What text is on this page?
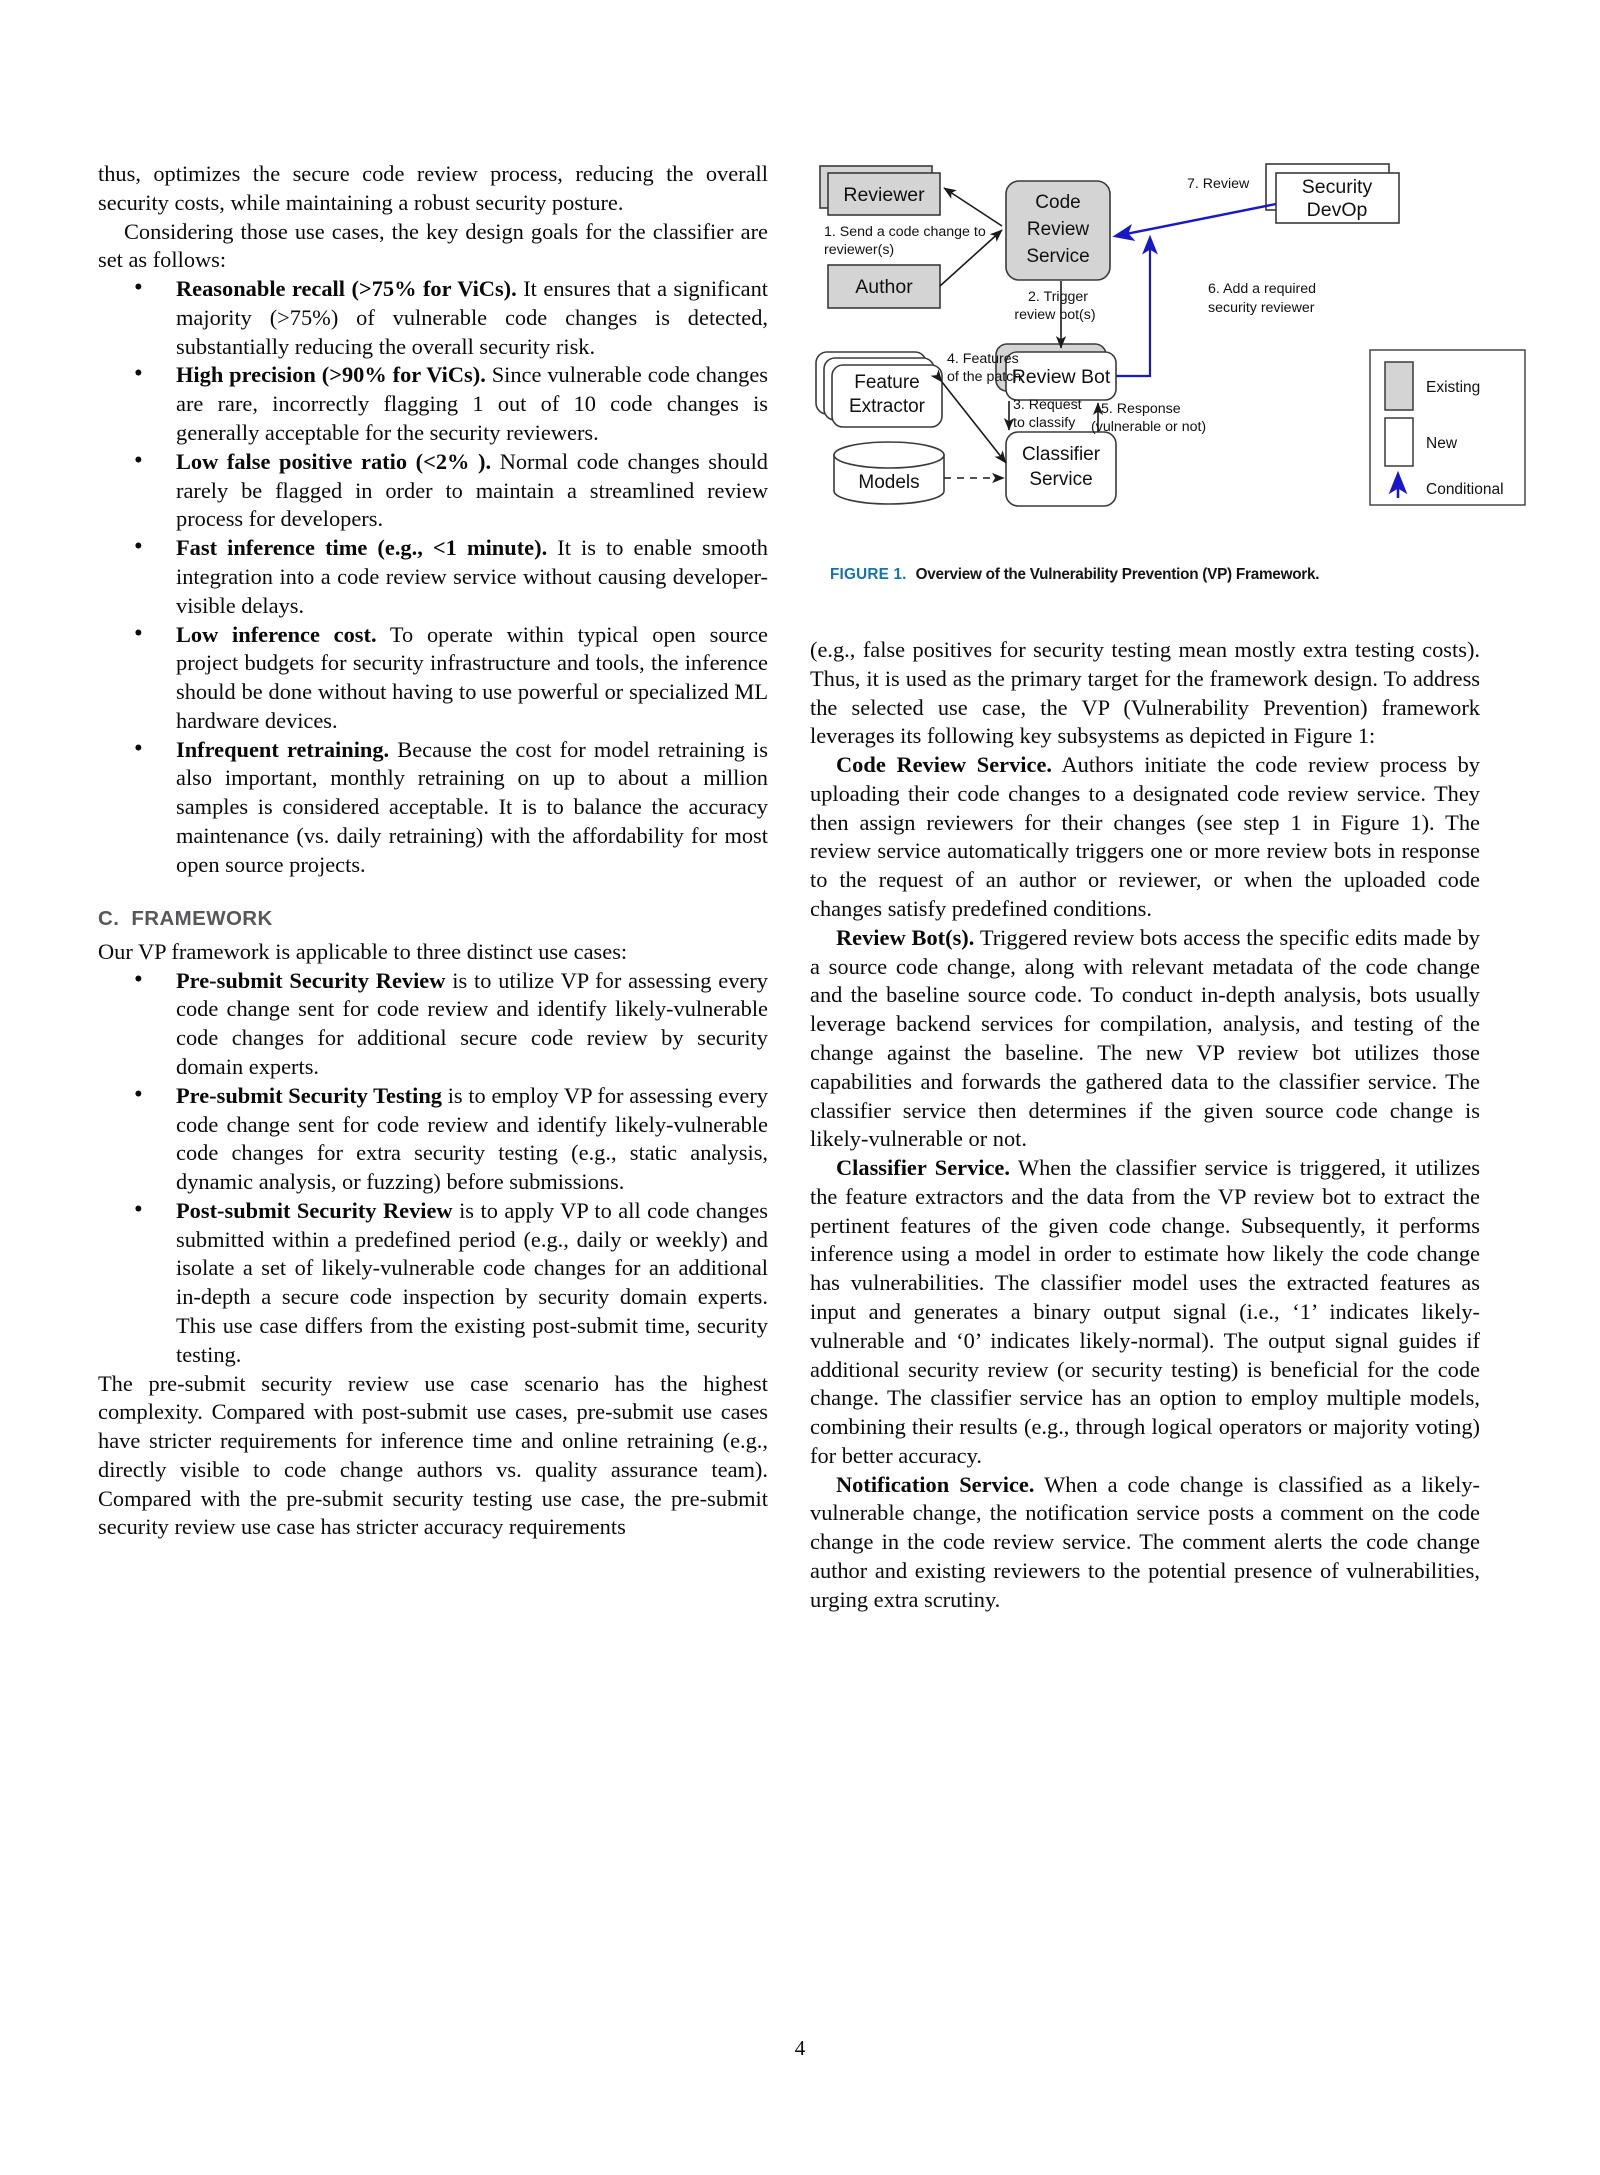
thus, optimizes the secure code review process, reducing the overall security costs, while maintaining a robust security posture.

Considering those use cases, the key design goals for the classifier are set as follows:

• Reasonable recall (>75% for ViCs). It ensures that a significant majority (>75%) of vulnerable code changes is detected, substantially reducing the overall security risk.
• High precision (>90% for ViCs). Since vulnerable code changes are rare, incorrectly flagging 1 out of 10 code changes is generally acceptable for the security reviewers.
• Low false positive ratio (<2% ). Normal code changes should rarely be flagged in order to maintain a streamlined review process for developers.
• Fast inference time (e.g., <1 minute). It is to enable smooth integration into a code review service without causing developer-visible delays.
• Low inference cost. To operate within typical open source project budgets for security infrastructure and tools, the inference should be done without having to use powerful or specialized ML hardware devices.
• Infrequent retraining. Because the cost for model retraining is also important, monthly retraining on up to about a million samples is considered acceptable. It is to balance the accuracy maintenance (vs. daily retraining) with the affordability for most open source projects.
C. FRAMEWORK

Our VP framework is applicable to three distinct use cases:

• Pre-submit Security Review is to utilize VP for assessing every code change sent for code review and identify likely-vulnerable code changes for additional secure code review by security domain experts.
• Pre-submit Security Testing is to employ VP for assessing every code change sent for code review and identify likely-vulnerable code changes for extra security testing (e.g., static analysis, dynamic analysis, or fuzzing) before submissions.
• Post-submit Security Review is to apply VP to all code changes submitted within a predefined period (e.g., daily or weekly) and isolate a set of likely-vulnerable code changes for an additional in-depth a secure code inspection by security domain experts. This use case differs from the existing post-submit time, security testing.

The pre-submit security review use case scenario has the highest complexity. Compared with post-submit use cases, pre-submit use cases have stricter requirements for inference time and online retraining (e.g., directly visible to code change authors vs. quality assurance team). Compared with the pre-submit security testing use case, the pre-submit security review use case has stricter accuracy requirements

Reviewer
1. Send a code change to
reviewer(s)
Author
Code
Review
Service
Security
DevOp
7. Review
2. Trigger
review bot(s)
6. Add a required
security reviewer
Review Bot
Feature
Extractor
4. Features
of the patch
Models
Classifier
Service
3. Request
to classify
5. Response
(vulnerable or not)
Existing
New
Conditional
FIGURE 1. Overview of the Vulnerability Prevention (VP) Framework.

(e.g., false positives for security testing mean mostly extra testing costs). Thus, it is used as the primary target for the framework design. To address the selected use case, the VP (Vulnerability Prevention) framework leverages its following key subsystems as depicted in Figure 1:

Code Review Service. Authors initiate the code review process by uploading their code changes to a designated code review service. They then assign reviewers for their changes (see step 1 in Figure 1). The review service automatically triggers one or more review bots in response to the request of an author or reviewer, or when the uploaded code changes satisfy predefined conditions.

Review Bot(s). Triggered review bots access the specific edits made by a source code change, along with relevant metadata of the code change and the baseline source code. To conduct in-depth analysis, bots usually leverage backend services for compilation, analysis, and testing of the change against the baseline. The new VP review bot utilizes those capabilities and forwards the gathered data to the classifier service. The classifier service then determines if the given source code change is likely-vulnerable or not.

Classifier Service. When the classifier service is triggered, it utilizes the feature extractors and the data from the VP review bot to extract the pertinent features of the given code change. Subsequently, it performs inference using a model in order to estimate how likely the code change has vulnerabilities. The classifier model uses the extracted features as input and generates a binary output signal (i.e., ‘1’ indicates likely-vulnerable and ‘0’ indicates likely-normal). The output signal guides if additional security review (or security testing) is beneficial for the code change. The classifier service has an option to employ multiple models, combining their results (e.g., through logical operators or majority voting) for better accuracy.

Notification Service. When a code change is classified as a likely-vulnerable change, the notification service posts a comment on the code change in the code review service. The comment alerts the code change author and existing reviewers to the potential presence of vulnerabilities, urging extra scrutiny.

4
